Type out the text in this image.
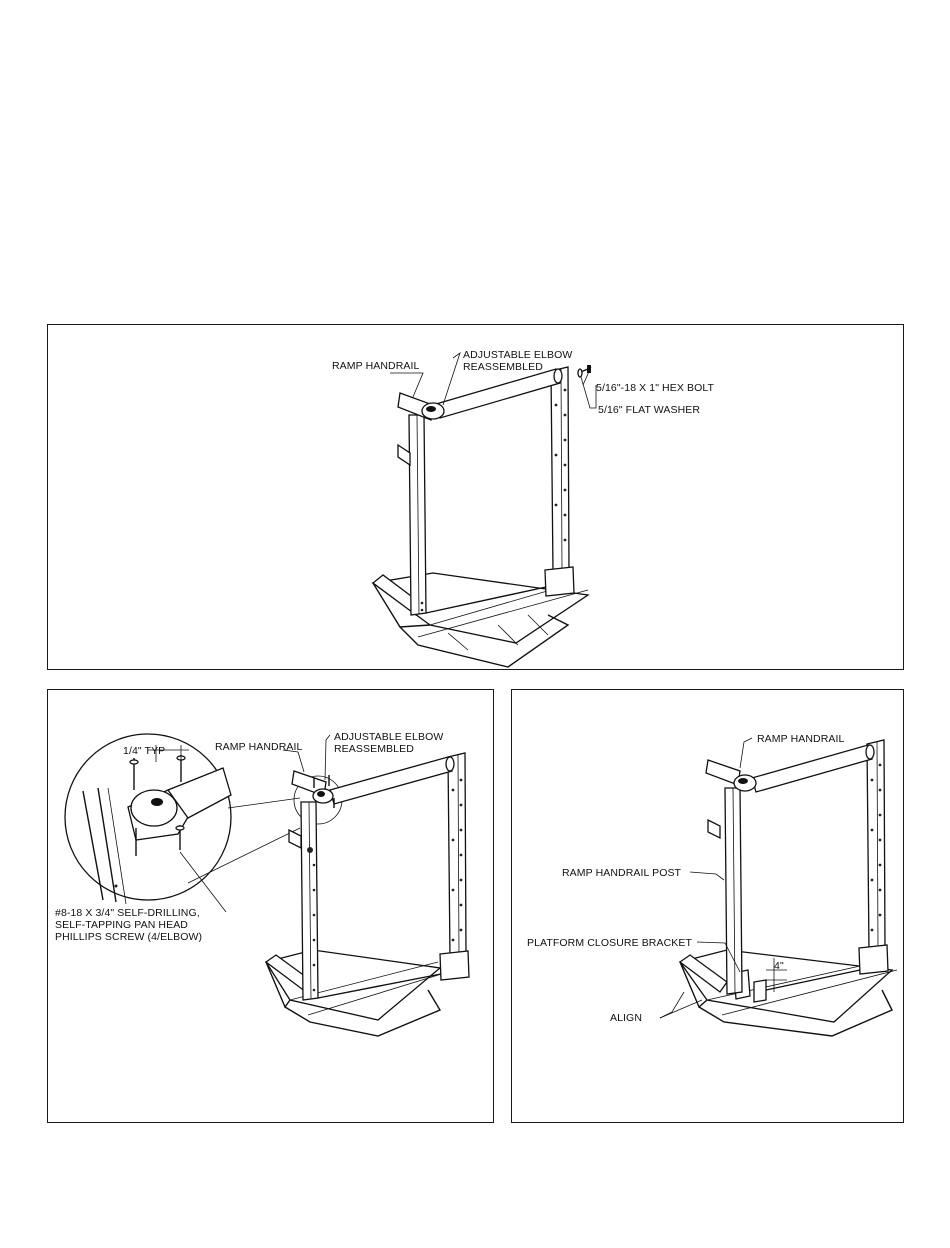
RAMP HANDRAIL
ADJUSTABLE ELBOW
REASSEMBLED
5/16"-18 X 1" HEX BOLT
5/16" FLAT WASHER
1/4" TYP	RAMP HANDRAIL
ADJUSTABLE ELBOW
REASSEMBLED
#8-18 X 3/4" SELF-DRILLING,
SELF-TAPPING PAN HEAD
PHILLIPS SCREW (4/ELBOW)
RAMP HANDRAIL
RAMP HANDRAIL POST
PLATFORM CLOSURE BRACKET
4"
ALIGN
